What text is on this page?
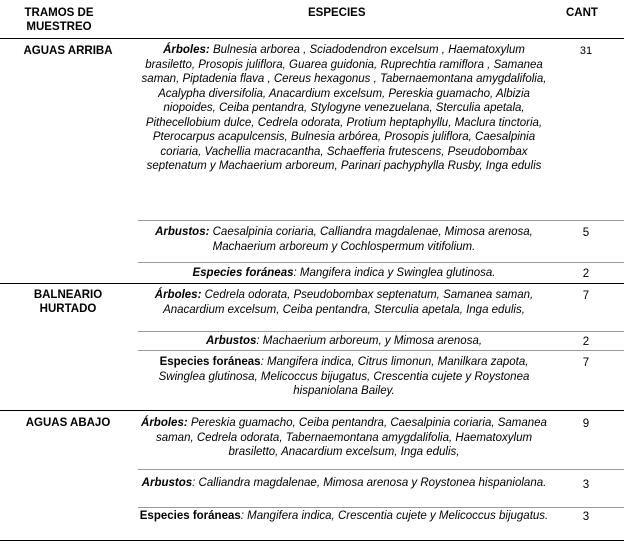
TRAMOS DE
MUESTREO
ESPECIES	CANT
AGUAS ARRIBA
BALNEARIO
HURTADO
AGUAS ABAJO
Árboles: Bulnesia arborea , Sciadodendron excelsum , Haematoxylum brasiletto, Prosopis juliflora, Guarea guidonia, Ruprechtia ramiflora , Samanea saman, Piptadenia flava , Cereus hexagonus , Tabernaemontana amygdalifolia, Acalypha diversifolia, Anacardium excelsum, Pereskia guamacho, Albizia niopoides, Ceiba pentandra, Stylogyne venezuelana, Sterculia apetala, Pithecellobium dulce, Cedrela odorata, Protium heptaphyllu, Maclura tinctoria, Pterocarpus acapulcensis, Bulnesia arbórea, Prosopis juliflora, Caesalpinia coriaria, Vachellia macracantha, Schaefferia frutescens, Pseudobombax septenatum y Machaerium arboreum, Parinari pachyphylla Rusby, Inga edulis
Arbustos: Caesalpinia coriaria, Calliandra magdalenae, Mimosa arenosa, Machaerium arboreum y Cochlospermum vitifolium.
Especies foráneas: Mangifera indica y Swinglea glutinosa.
Árboles: Cedrela odorata, Pseudobombax septenatum, Samanea saman, Anacardium excelsum, Ceiba pentandra, Sterculia apetala, Inga edulis,
Arbustos: Machaerium arboreum, y Mimosa arenosa,
Especies foráneas: Mangifera indica, Citrus limonun, Manilkara zapota, Swinglea glutinosa, Melicoccus bijugatus, Crescentia cujete y Roystonea hispaniolana Bailey.
Árboles: Pereskia guamacho, Ceiba pentandra, Caesalpinia coriaria, Samanea saman, Cedrela odorata, Tabernaemontana amygdalifolia, Haematoxylum brasiletto, Anacardium excelsum, Inga edulis,
Arbustos: Calliandra magdalenae, Mimosa arenosa y Roystonea hispaniolana.
Especies foráneas: Mangifera indica, Crescentia cujete y Melicoccus bijugatus.
31
5
2
7
2
7
9
3
3
